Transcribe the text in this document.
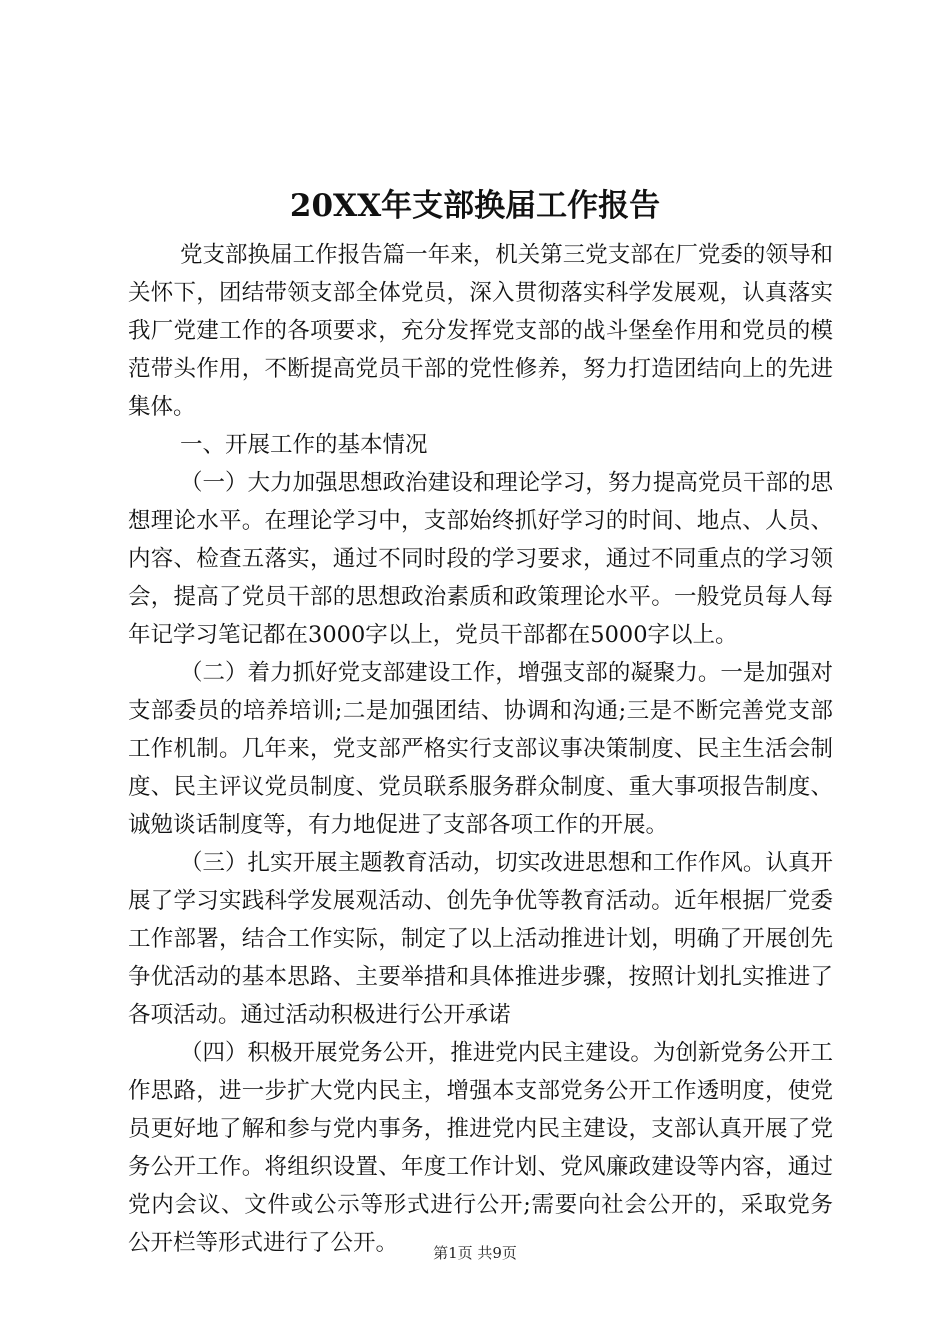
20XX年支部换届工作报告

党支部换届工作报告篇一年来，机关第三党支部在厂党委的领导和关怀下，团结带领支部全体党员，深入贯彻落实科学发展观，认真落实我厂党建工作的各项要求，充分发挥党支部的战斗堡垒作用和党员的模范带头作用，不断提高党员干部的党性修养，努力打造团结向上的先进集体。

一、开展工作的基本情况

（一）大力加强思想政治建设和理论学习，努力提高党员干部的思想理论水平。在理论学习中，支部始终抓好学习的时间、地点、人员、内容、检查五落实，通过不同时段的学习要求，通过不同重点的学习领会，提高了党员干部的思想政治素质和政策理论水平。一般党员每人每年记学习笔记都在3000字以上，党员干部都在5000字以上。

（二）着力抓好党支部建设工作，增强支部的凝聚力。一是加强对支部委员的培养培训;二是加强团结、协调和沟通;三是不断完善党支部工作机制。几年来，党支部严格实行支部议事决策制度、民主生活会制度、民主评议党员制度、党员联系服务群众制度、重大事项报告制度、诚勉谈话制度等，有力地促进了支部各项工作的开展。

（三）扎实开展主题教育活动，切实改进思想和工作作风。认真开展了学习实践科学发展观活动、创先争优等教育活动。近年根据厂党委工作部署，结合工作实际，制定了以上活动推进计划，明确了开展创先争优活动的基本思路、主要举措和具体推进步骤，按照计划扎实推进了各项活动。通过活动积极进行公开承诺

（四）积极开展党务公开，推进党内民主建设。为创新党务公开工作思路，进一步扩大党内民主，增强本支部党务公开工作透明度，使党员更好地了解和参与党内事务，推进党内民主建设，支部认真开展了党务公开工作。将组织设置、年度工作计划、党风廉政建设等内容，通过党内会议、文件或公示等形式进行公开;需要向社会公开的，采取党务公开栏等形式进行了公开。	第1页 共9页
